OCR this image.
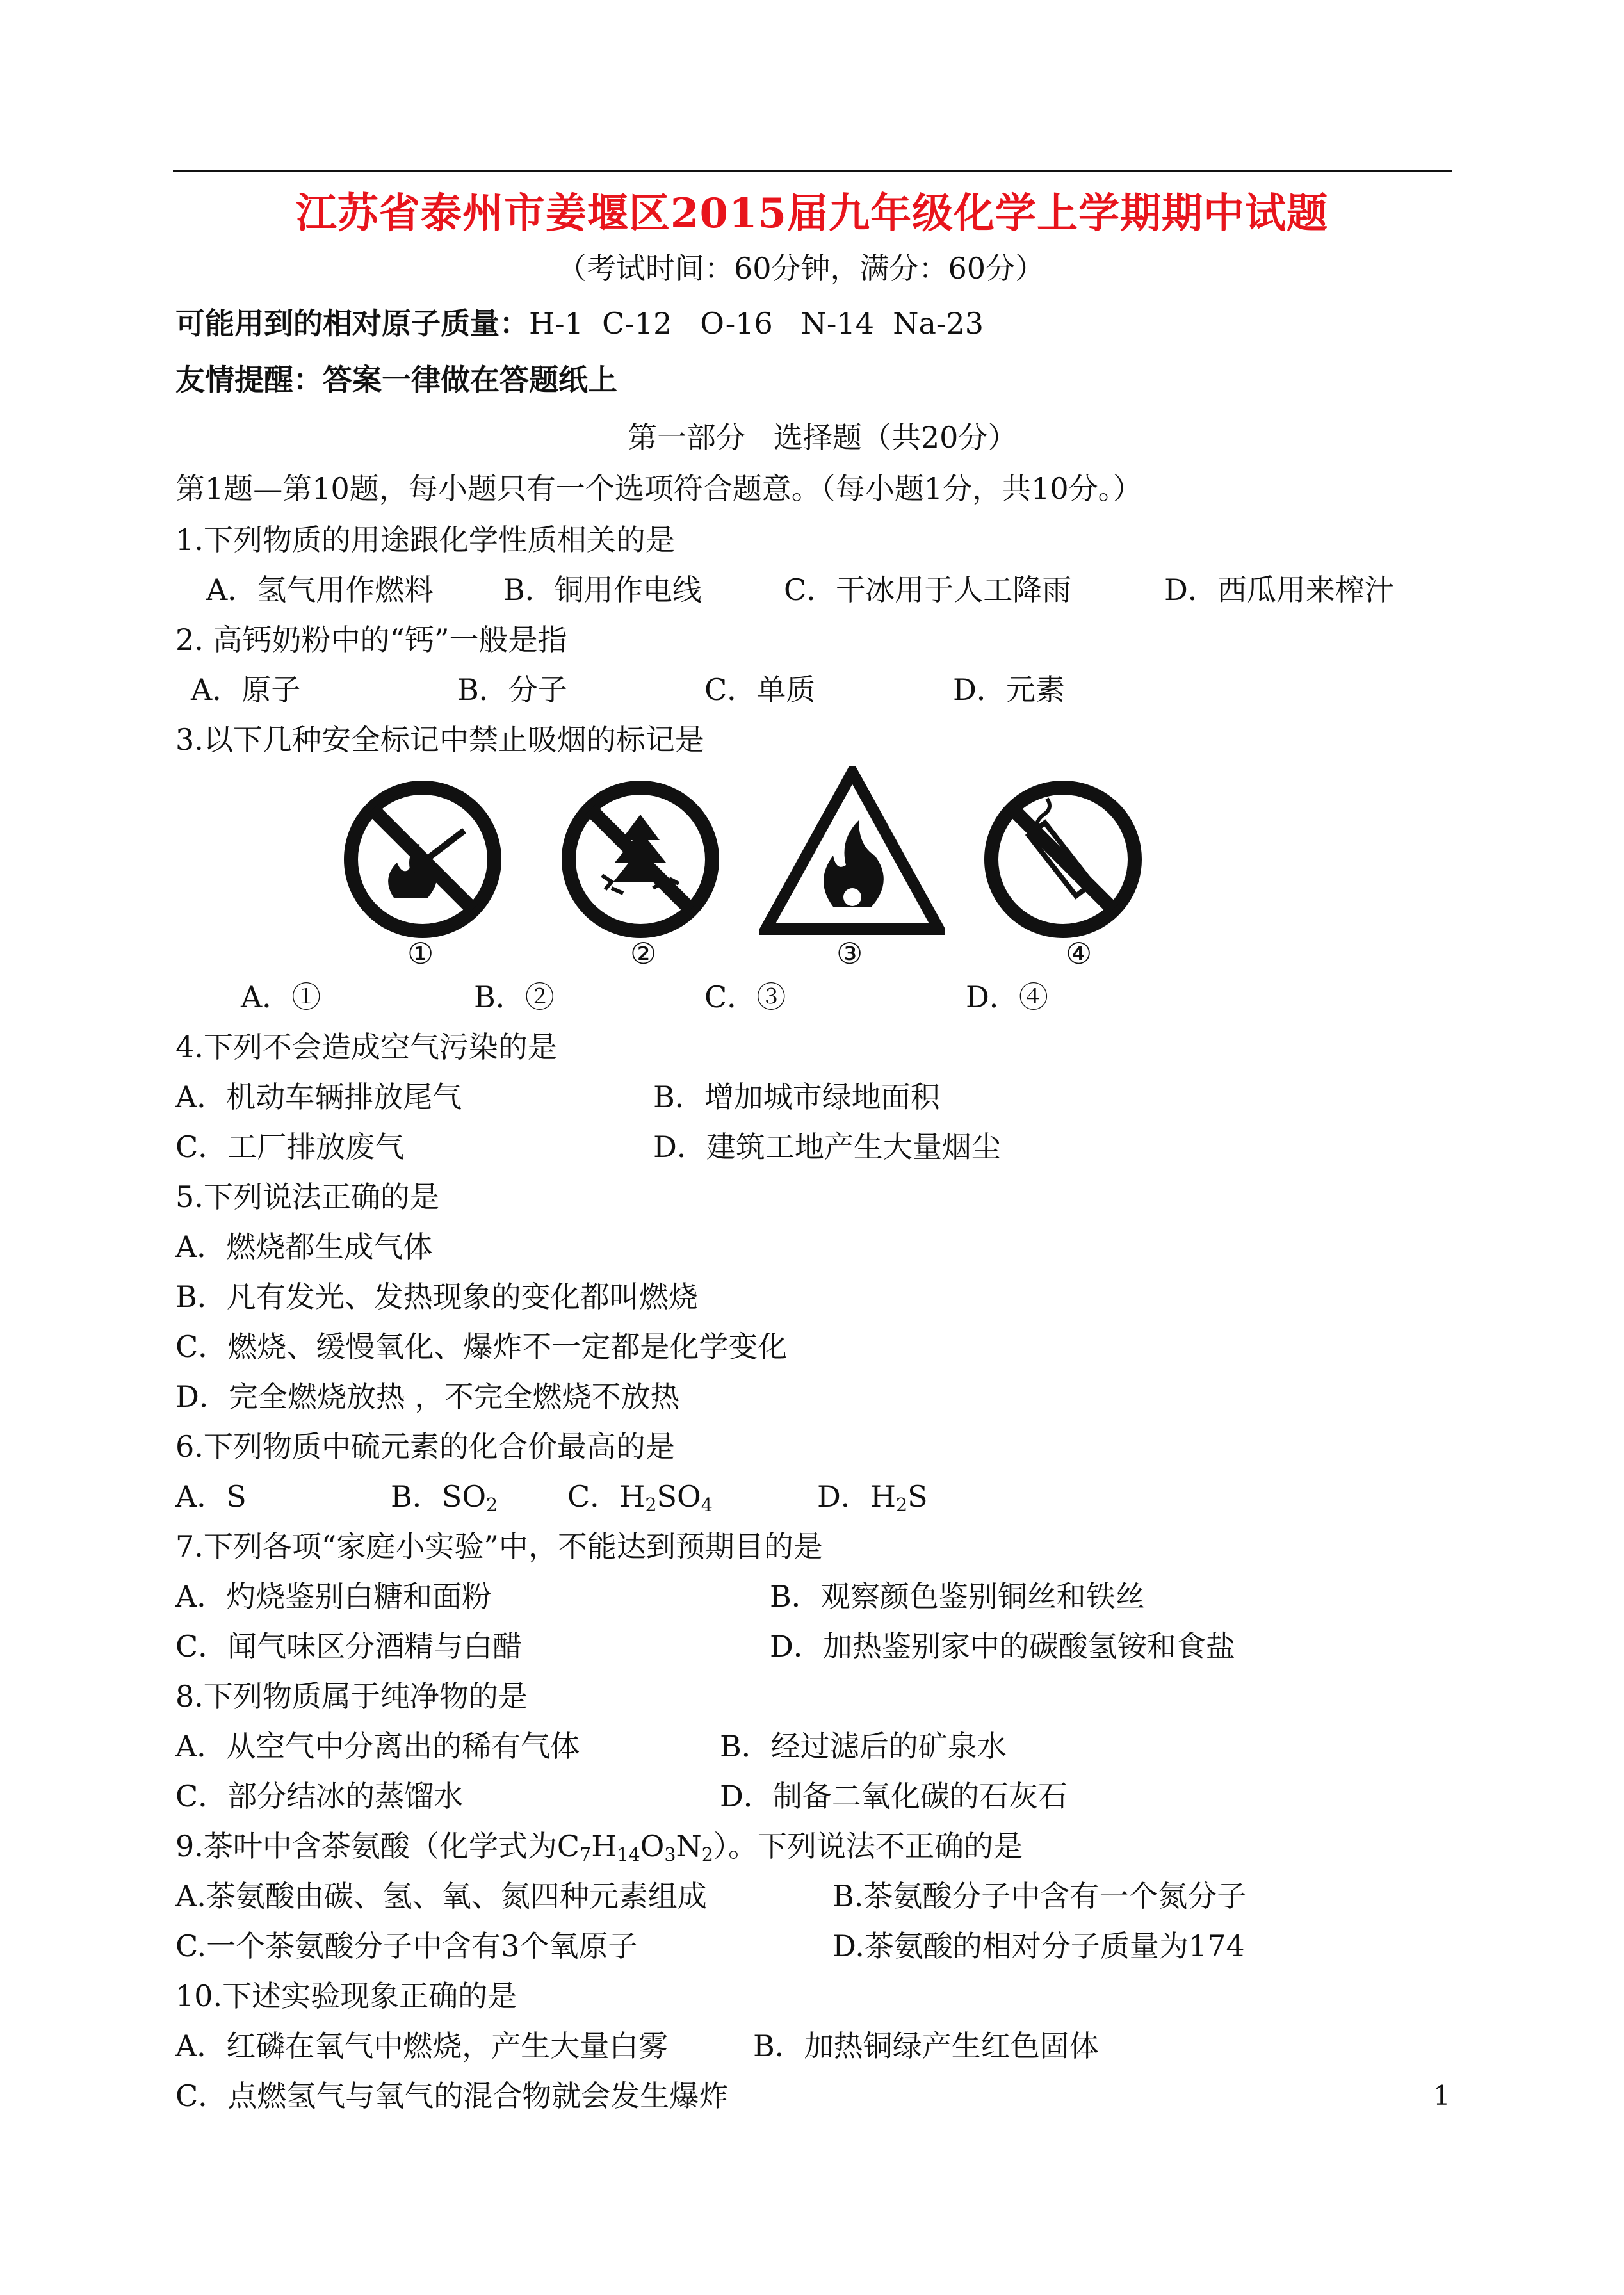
江苏省泰州市姜堰区2015届九年级化学上学期期中试题
（考试时间：60分钟，满分：60分）
可能用到的相对原子质量：H-1  C-12   O-16   N-14  Na-23
友情提醒：答案一律做在答题纸上
第一部分   选择题（共20分）
第1题—第10题，每小题只有一个选项符合题意。（每小题1分，共10分。）
1.下列物质的用途跟化学性质相关的是
A．氢气用作燃料 B．铜用作电线	C．干冰用于人工降雨	D．西瓜用来榨汁
2. 高钙奶粉中的“钙”一般是指
A．原子	B．分子	C．单质	D．元素
3.以下几种安全标记中禁止吸烟的标记是
①	②	③	④
A．①	B．②	C．③	D．④
4.下列不会造成空气污染的是
A．机动车辆排放尾气	B．增加城市绿地面积
C．工厂排放废气	D．建筑工地产生大量烟尘
5.下列说法正确的是
A．燃烧都生成气体
B．凡有发光、发热现象的变化都叫燃烧
C．燃烧、缓慢氧化、爆炸不一定都是化学变化
D．完全燃烧放热 ，不完全燃烧不放热
6.下列物质中硫元素的化合价最高的是
A．S	B．$SO_2$ C．$H_2SO_4$	D．$H_2S$
7.下列各项“家庭小实验”中，不能达到预期目的是
A．灼烧鉴别白糖和面粉	B．观察颜色鉴别铜丝和铁丝
C．闻气味区分酒精与白醋	D．加热鉴别家中的碳酸氢铵和食盐
8.下列物质属于纯净物的是
A．从空气中分离出的稀有气体	B．经过滤后的矿泉水
C．部分结冰的蒸馏水	D．制备二氧化碳的石灰石
9.茶叶中含茶氨酸（化学式为$C_7H_{14}O_3N_2$）。下列说法不正确的是
A.茶氨酸由碳、氢、氧、氮四种元素组成	B.茶氨酸分子中含有一个氮分子
C.一个茶氨酸分子中含有3个氧原子	D.茶氨酸的相对分子质量为174
10.下述实验现象正确的是
A．红磷在氧气中燃烧，产生大量白雾	B．加热铜绿产生红色固体
C．点燃氢气与氧气的混合物就会发生爆炸	1
